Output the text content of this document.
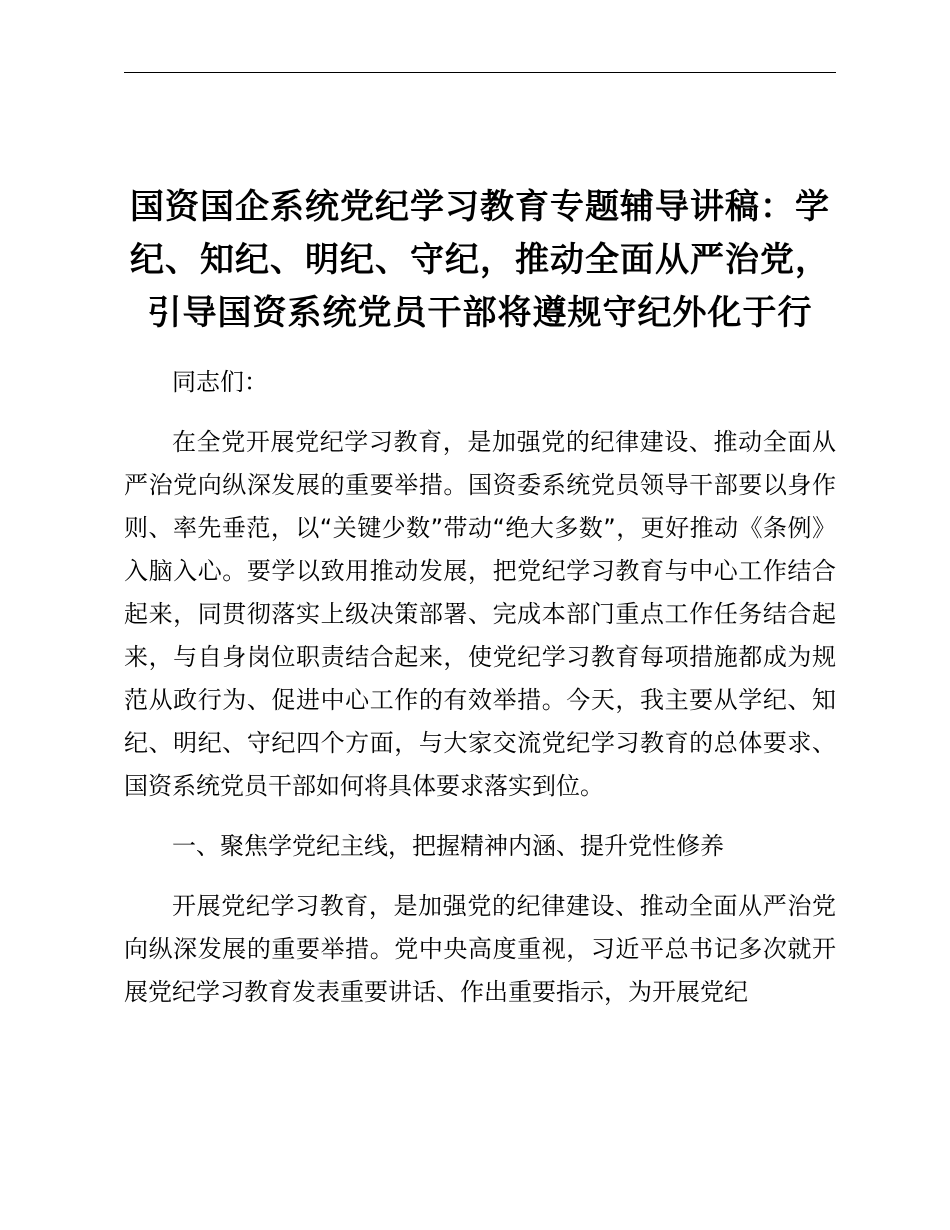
国资国企系统党纪学习教育专题辅导讲稿：学
纪、知纪、明纪、守纪，推动全面从严治党，
引导国资系统党员干部将遵规守纪外化于行

同志们：

在全党开展党纪学习教育，是加强党的纪律建设、推动全面从严治党向纵深发展的重要举措。国资委系统党员领导干部要以身作则、率先垂范，以“关键少数”带动“绝大多数”，更好推动《条例》入脑入心。要学以致用推动发展，把党纪学习教育与中心工作结合起来，同贯彻落实上级决策部署、完成本部门重点工作任务结合起来，与自身岗位职责结合起来，使党纪学习教育每项措施都成为规范从政行为、促进中心工作的有效举措。今天，我主要从学纪、知纪、明纪、守纪四个方面，与大家交流党纪学习教育的总体要求、国资系统党员干部如何将具体要求落实到位。

一、聚焦学党纪主线，把握精神内涵、提升党性修养

开展党纪学习教育，是加强党的纪律建设、推动全面从严治党向纵深发展的重要举措。党中央高度重视，习近平总书记多次就开展党纪学习教育发表重要讲话、作出重要指示，为开展党纪
